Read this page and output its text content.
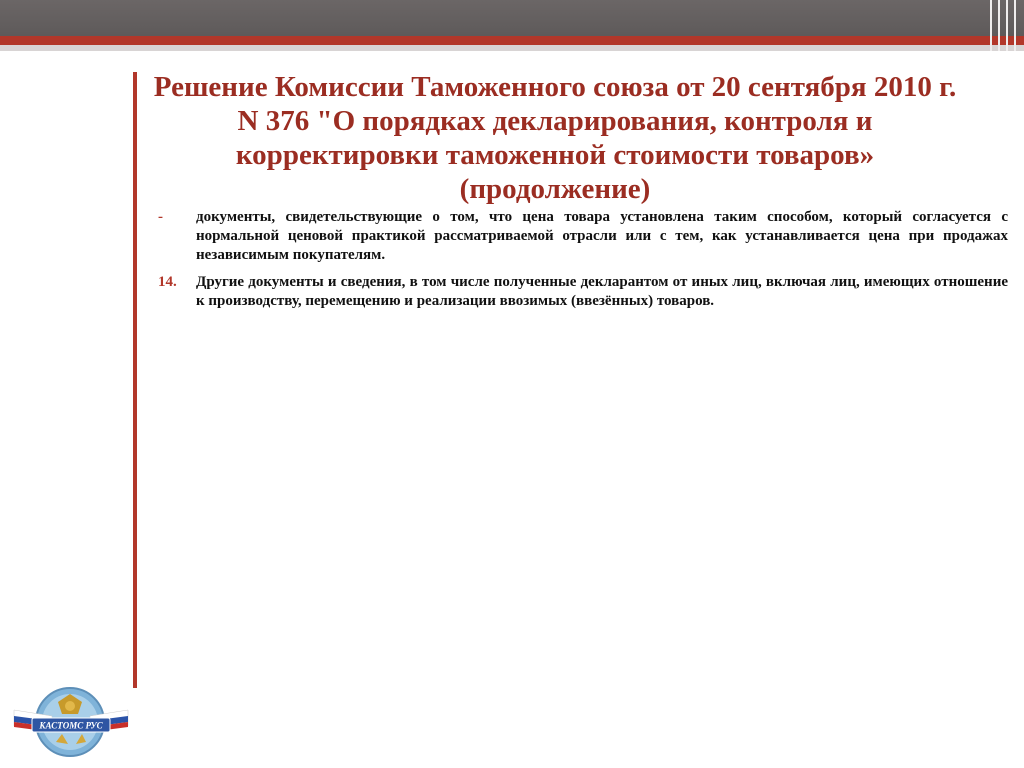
Решение Комиссии Таможенного союза от 20 сентября 2010 г. N 376 "О порядках декларирования, контроля и корректировки таможенной стоимости товаров» (продолжение)
- документы, свидетельствующие о том, что цена товара установлена таким способом, который согласуется с нормальной ценовой практикой рассматриваемой отрасли или с тем, как устанавливается цена при продажах независимым покупателям.
14. Другие документы и сведения, в том числе полученные декларантом от иных лиц, включая лиц, имеющих отношение к производству, перемещению и реализации ввозимых (ввезённых) товаров.
КАСТОМС РУС
